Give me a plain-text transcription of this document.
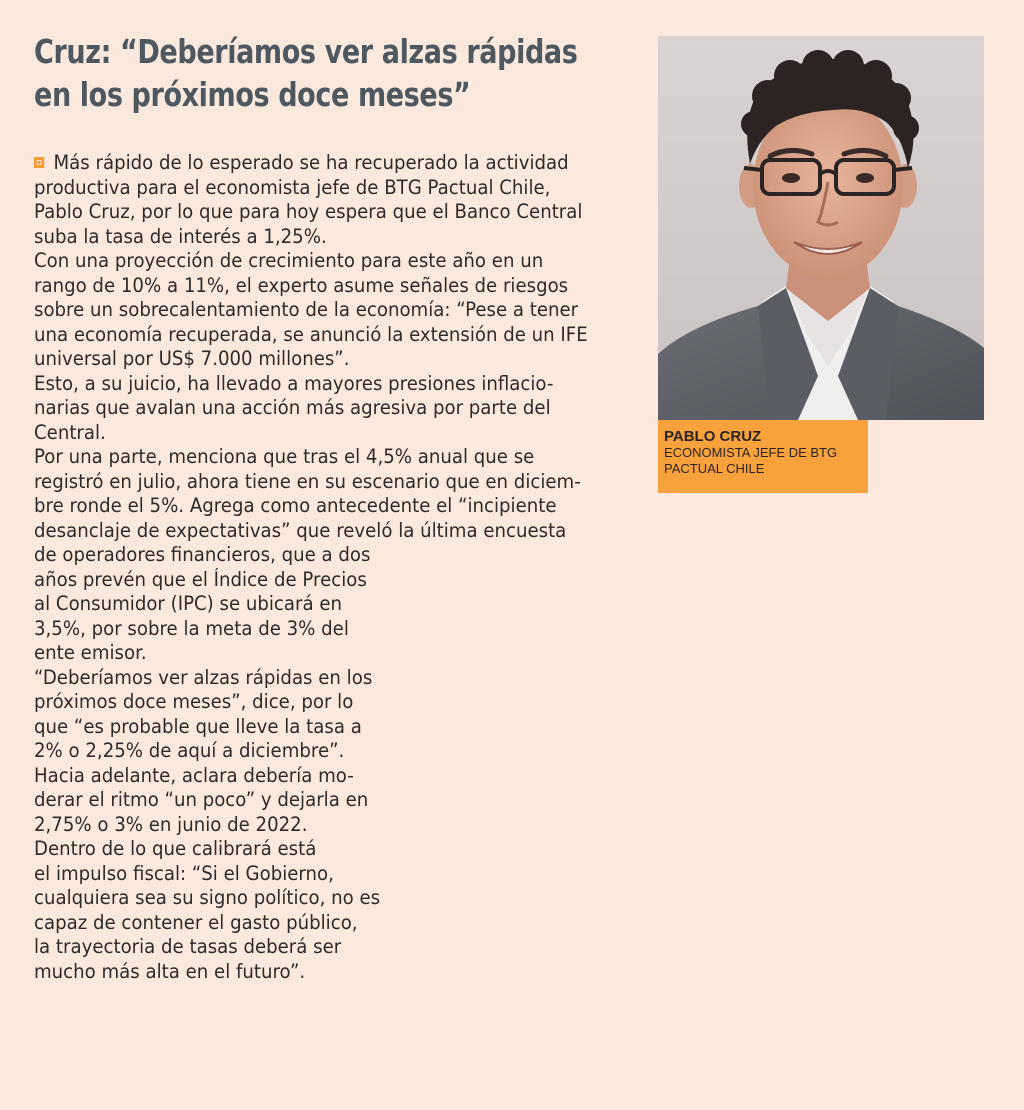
Cruz: “Deberíamos ver alzas rápidas
en los próximos doce meses”
PABLO CRUZ
ECONOMISTA JEFE DE BTG PACTUAL CHILE
Más rápido de lo esperado se ha recuperado la actividad
productiva para el economista jefe de BTG Pactual Chile,
Pablo Cruz, por lo que para hoy espera que el Banco Central
suba la tasa de interés a 1,25%.
Con una proyección de crecimiento para este año en un
rango de 10% a 11%, el experto asume señales de riesgos
sobre un sobrecalentamiento de la economía: “Pese a tener
una economía recuperada, se anunció la extensión de un IFE
universal por US$ 7.000 millones”.
Esto, a su juicio, ha llevado a mayores presiones inflacio-
narias que avalan una acción más agresiva por parte del
Central.
Por una parte, menciona que tras el 4,5% anual que se
registró en julio, ahora tiene en su escenario que en diciem-
bre ronde el 5%. Agrega como antecedente el “incipiente
desanclaje de expectativas” que reveló la última encuesta
de operadores financieros, que a dos
años prevén que el Índice de Precios
al Consumidor (IPC) se ubicará en
3,5%, por sobre la meta de 3% del
ente emisor.
“Deberíamos ver alzas rápidas en los
próximos doce meses”, dice, por lo
que “es probable que lleve la tasa a
2% o 2,25% de aquí a diciembre”.
Hacia adelante, aclara debería mo-
derar el ritmo “un poco” y dejarla en
2,75% o 3% en junio de 2022.
Dentro de lo que calibrará está
el impulso fiscal: “Si el Gobierno,
cualquiera sea su signo político, no es
capaz de contener el gasto público,
la trayectoria de tasas deberá ser
mucho más alta en el futuro”.
